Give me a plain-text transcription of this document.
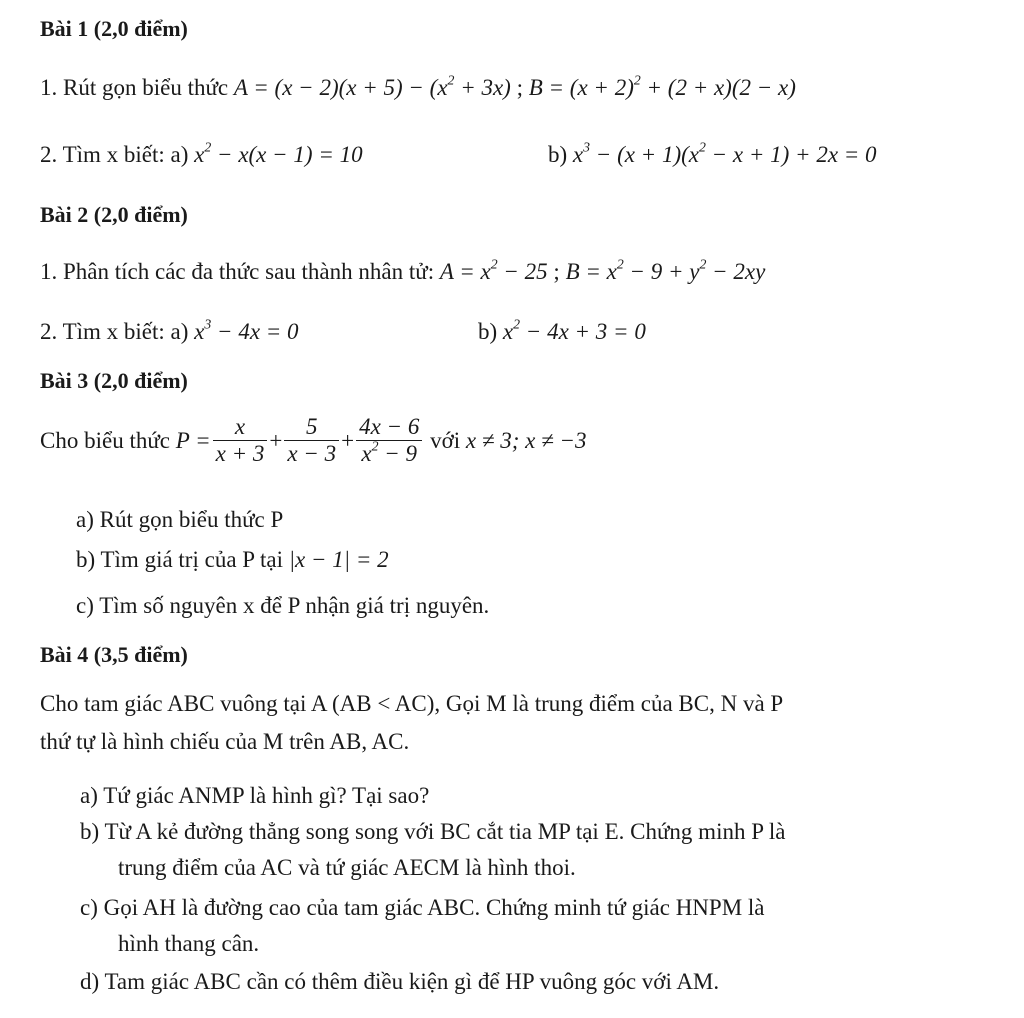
Bài 1 (2,0 điểm)
1. Rút gọn biểu thức $A = (x - 2)(x + 5) - (x^2 + 3x)$ ; $B = (x + 2)^2 + (2 + x)(2 - x)$
2. Tìm x biết: a) $x^2 - x(x - 1) = 10$	b) $x^3 - (x + 1)(x^2 - x + 1) + 2x = 0$
Bài 2 (2,0 điểm)
1. Phân tích các đa thức sau thành nhân tử: $A = x^2 - 25$ ; $B = x^2 - 9 + y^2 - 2xy$
2. Tìm x biết: a) $x^3 - 4x = 0$	b) $x^2 - 4x + 3 = 0$
Bài 3 (2,0 điểm)
Cho biểu thức $P = \frac{x}{x + 3} + \frac{5}{x - 3} + \frac{4x - 6}{x^2 - 9}$ với x ≠ 3; x ≠ −3
a) Rút gọn biểu thức P
b) Tìm giá trị của P tại |x − 1| = 2
c) Tìm số nguyên x để P nhận giá trị nguyên.
Bài 4 (3,5 điểm)
Cho tam giác ABC vuông tại A (AB < AC), Gọi M là trung điểm của BC, N và P
thứ tự là hình chiếu của M trên AB, AC.
a) Tứ giác ANMP là hình gì? Tại sao?
b) Từ A kẻ đường thẳng song song với BC cắt tia MP tại E. Chứng minh P là
trung điểm của AC và tứ giác AECM là hình thoi.
c) Gọi AH là đường cao của tam giác ABC. Chứng minh tứ giác HNPM là
hình thang cân.
d) Tam giác ABC cần có thêm điều kiện gì để HP vuông góc với AM.
